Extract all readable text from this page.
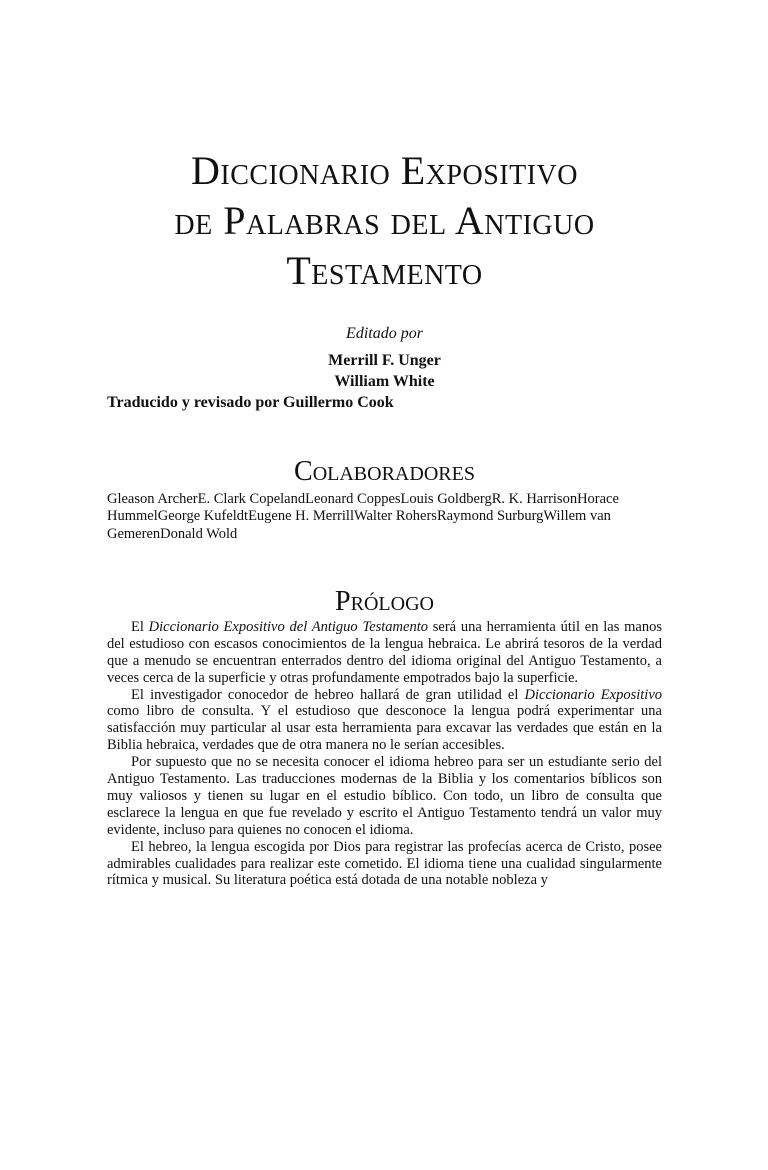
Diccionario Expositivo
de Palabras del Antiguo
Testamento
Editado por
Merrill F. Unger
William White
Traducido y revisado por Guillermo Cook
Colaboradores
Gleason ArcherE. Clark CopelandLeonard CoppesLouis GoldbergR. K. HarrisonHorace
HummelGeorge KufeldtEugene H. MerrillWalter RohersRaymond SurburgWillem van
GemerenDonald Wold
Prólogo

El Diccionario Expositivo del Antiguo Testamento será una herramienta útil en las manos del estudioso con escasos conocimientos de la lengua hebraica. Le abrirá tesoros de la verdad que a menudo se encuentran enterrados dentro del idioma original del Antiguo Testamento, a veces cerca de la superficie y otras profundamente empotrados bajo la superficie.

El investigador conocedor de hebreo hallará de gran utilidad el Diccionario Expositivo como libro de consulta. Y el estudioso que desconoce la lengua podrá experimentar una satisfacción muy particular al usar esta herramienta para excavar las verdades que están en la Biblia hebraica, verdades que de otra manera no le serían accesibles.

Por supuesto que no se necesita conocer el idioma hebreo para ser un estudiante serio del Antiguo Testamento. Las traducciones modernas de la Biblia y los comentarios bíblicos son muy valiosos y tienen su lugar en el estudio bíblico. Con todo, un libro de consulta que esclarece la lengua en que fue revelado y escrito el Antiguo Testamento tendrá un valor muy evidente, incluso para quienes no conocen el idioma.

El hebreo, la lengua escogida por Dios para registrar las profecías acerca de Cristo, posee admirables cualidades para realizar este cometido. El idioma tiene una cualidad singularmente rítmica y musical. Su literatura poética está dotada de una notable nobleza y
